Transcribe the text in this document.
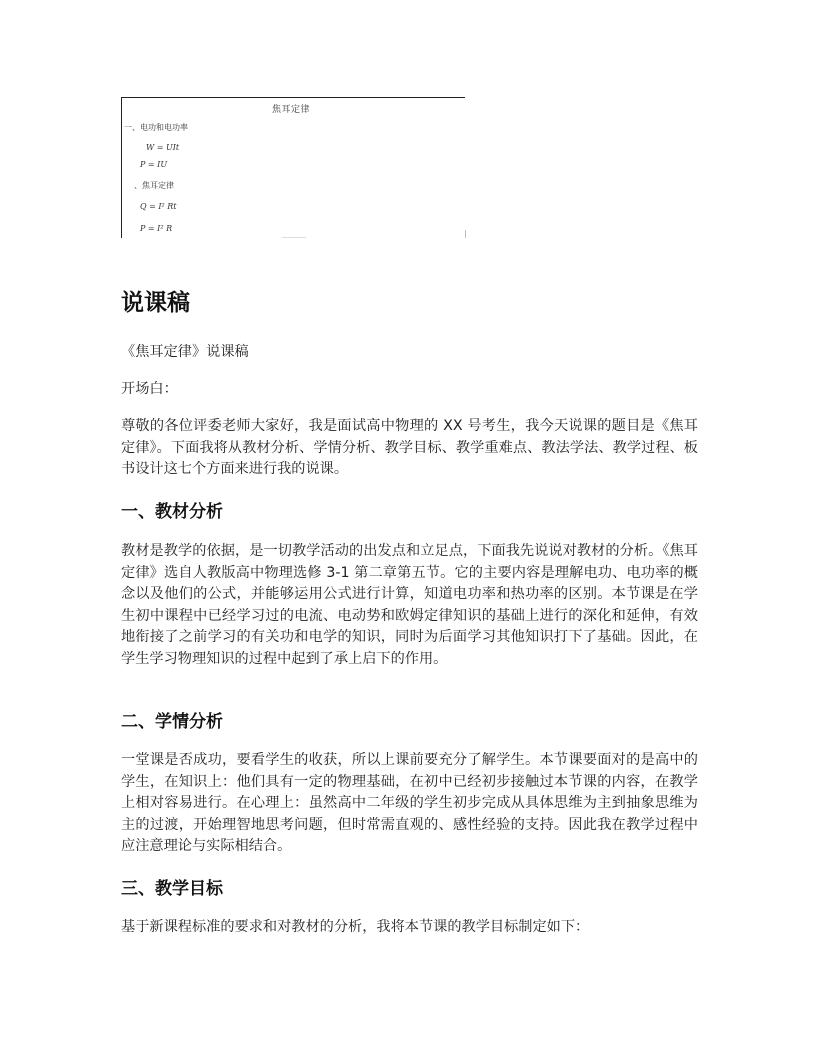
焦耳定律
一、电功和电功率
W = UIt
P = IU
、焦耳定律
Q = I² Rt
P = I² R
说课稿

《焦耳定律》说课稿

开场白：

尊敬的各位评委老师大家好，我是面试高中物理的 XX 号考生，我今天说课的题目是《焦耳定律》。下面我将从教材分析、学情分析、教学目标、教学重难点、教法学法、教学过程、板书设计这七个方面来进行我的说课。

一、教材分析

教材是教学的依据，是一切教学活动的出发点和立足点，下面我先说说对教材的分析。《焦耳定律》选自人教版高中物理选修 3-1 第二章第五节。它的主要内容是理解电功、电功率的概念以及他们的公式，并能够运用公式进行计算，知道电功率和热功率的区别。本节课是在学生初中课程中已经学习过的电流、电动势和欧姆定律知识的基础上进行的深化和延伸，有效地衔接了之前学习的有关功和电学的知识，同时为后面学习其他知识打下了基础。因此，在学生学习物理知识的过程中起到了承上启下的作用。

二、学情分析

一堂课是否成功，要看学生的收获，所以上课前要充分了解学生。本节课要面对的是高中的学生，在知识上：他们具有一定的物理基础，在初中已经初步接触过本节课的内容，在教学上相对容易进行。在心理上：虽然高中二年级的学生初步完成从具体思维为主到抽象思维为主的过渡，开始理智地思考问题，但时常需直观的、感性经验的支持。因此我在教学过程中应注意理论与实际相结合。

三、教学目标

基于新课程标准的要求和对教材的分析，我将本节课的教学目标制定如下：
